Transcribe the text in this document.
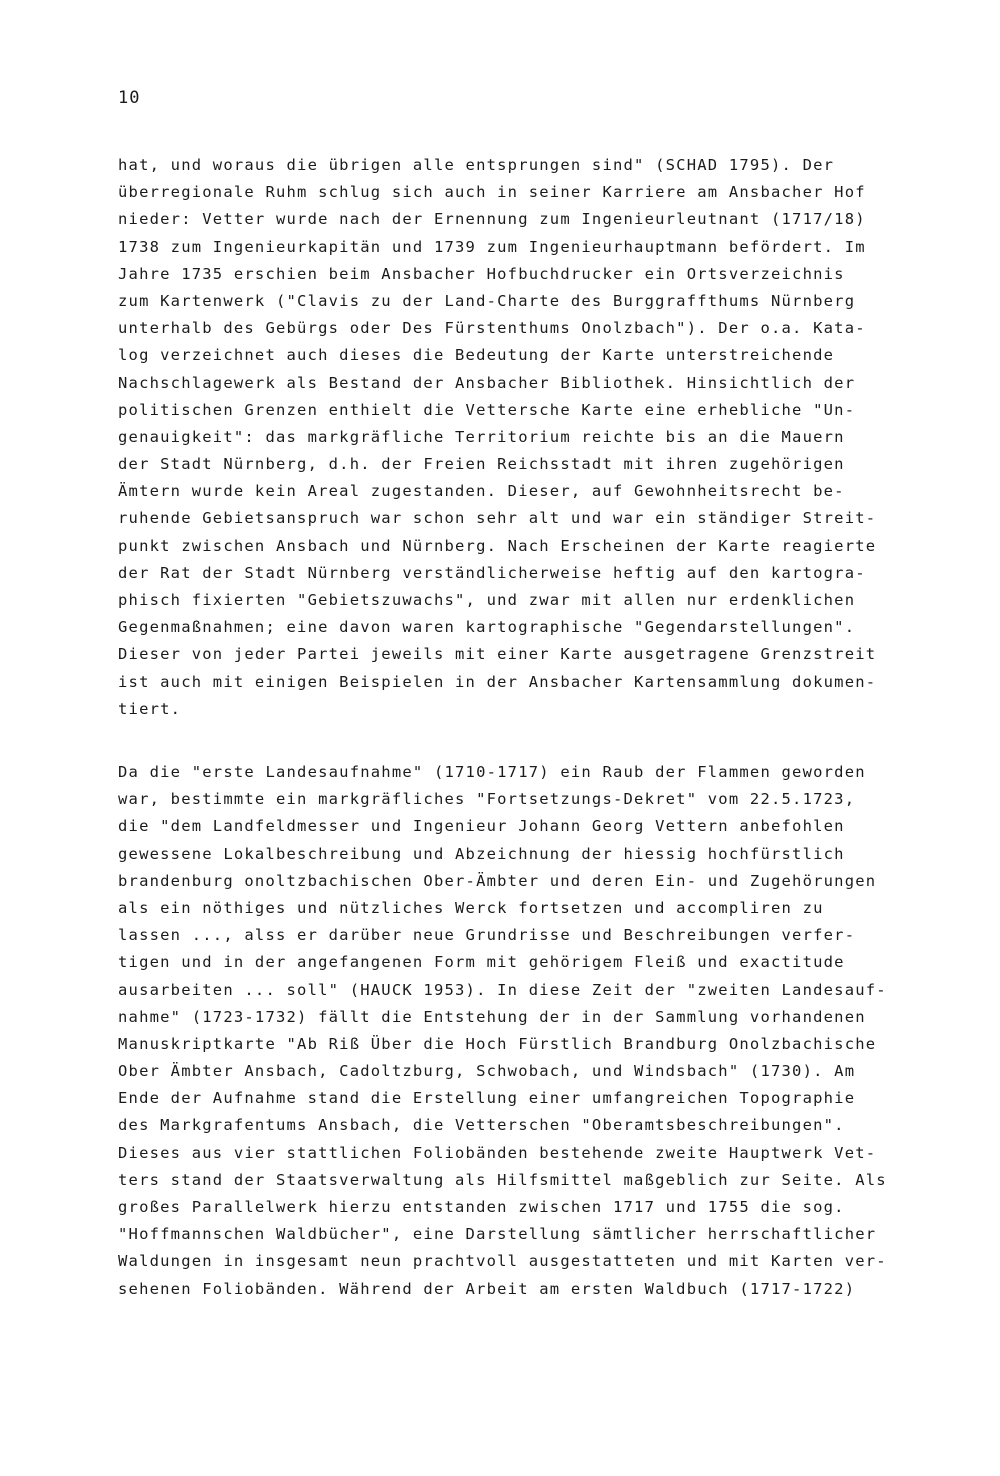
10
hat, und woraus die übrigen alle entsprungen sind" (SCHAD 1795). Der
überregionale Ruhm schlug sich auch in seiner Karriere am Ansbacher Hof
nieder: Vetter wurde nach der Ernennung zum Ingenieurleutnant (1717/18)
1738 zum Ingenieurkapitän und 1739 zum Ingenieurhauptmann befördert. Im
Jahre 1735 erschien beim Ansbacher Hofbuchdrucker ein Ortsverzeichnis
zum Kartenwerk ("Clavis zu der Land-Charte des Burggraffthums Nürnberg
unterhalb des Gebürgs oder Des Fürstenthums Onolzbach"). Der o.a. Kata-
log verzeichnet auch dieses die Bedeutung der Karte unterstreichende
Nachschlagewerk als Bestand der Ansbacher Bibliothek. Hinsichtlich der
politischen Grenzen enthielt die Vettersche Karte eine erhebliche "Un-
genauigkeit": das markgräfliche Territorium reichte bis an die Mauern
der Stadt Nürnberg, d.h. der Freien Reichsstadt mit ihren zugehörigen
Ämtern wurde kein Areal zugestanden. Dieser, auf Gewohnheitsrecht be-
ruhende Gebietsanspruch war schon sehr alt und war ein ständiger Streit-
punkt zwischen Ansbach und Nürnberg. Nach Erscheinen der Karte reagierte
der Rat der Stadt Nürnberg verständlicherweise heftig auf den kartogra-
phisch fixierten "Gebietszuwachs", und zwar mit allen nur erdenklichen
Gegenmaßnahmen; eine davon waren kartographische "Gegendarstellungen".
Dieser von jeder Partei jeweils mit einer Karte ausgetragene Grenzstreit
ist auch mit einigen Beispielen in der Ansbacher Kartensammlung dokumen-
tiert.
Da die "erste Landesaufnahme" (1710-1717) ein Raub der Flammen geworden
war, bestimmte ein markgräfliches "Fortsetzungs-Dekret" vom 22.5.1723,
die "dem Landfeldmesser und Ingenieur Johann Georg Vettern anbefohlen
gewessene Lokalbeschreibung und Abzeichnung der hiessig hochfürstlich
brandenburg onoltzbachischen Ober-Ämbter und deren Ein- und Zugehörungen
als ein nöthiges und nützliches Werck fortsetzen und accompliren zu
lassen ..., alss er darüber neue Grundrisse und Beschreibungen verfer-
tigen und in der angefangenen Form mit gehörigem Fleiß und exactitude
ausarbeiten ... soll" (HAUCK 1953). In diese Zeit der "zweiten Landesauf-
nahme" (1723-1732) fällt die Entstehung der in der Sammlung vorhandenen
Manuskriptkarte "Ab Riß Über die Hoch Fürstlich Brandburg Onolzbachische
Ober Ämbter Ansbach, Cadoltzburg, Schwobach, und Windsbach" (1730). Am
Ende der Aufnahme stand die Erstellung einer umfangreichen Topographie
des Markgrafentums Ansbach, die Vetterschen "Oberamtsbeschreibungen".
Dieses aus vier stattlichen Foliobänden bestehende zweite Hauptwerk Vet-
ters stand der Staatsverwaltung als Hilfsmittel maßgeblich zur Seite. Als
großes Parallelwerk hierzu entstanden zwischen 1717 und 1755 die sog.
"Hoffmannschen Waldbücher", eine Darstellung sämtlicher herrschaftlicher
Waldungen in insgesamt neun prachtvoll ausgestatteten und mit Karten ver-
sehenen Foliobänden. Während der Arbeit am ersten Waldbuch (1717-1722)
